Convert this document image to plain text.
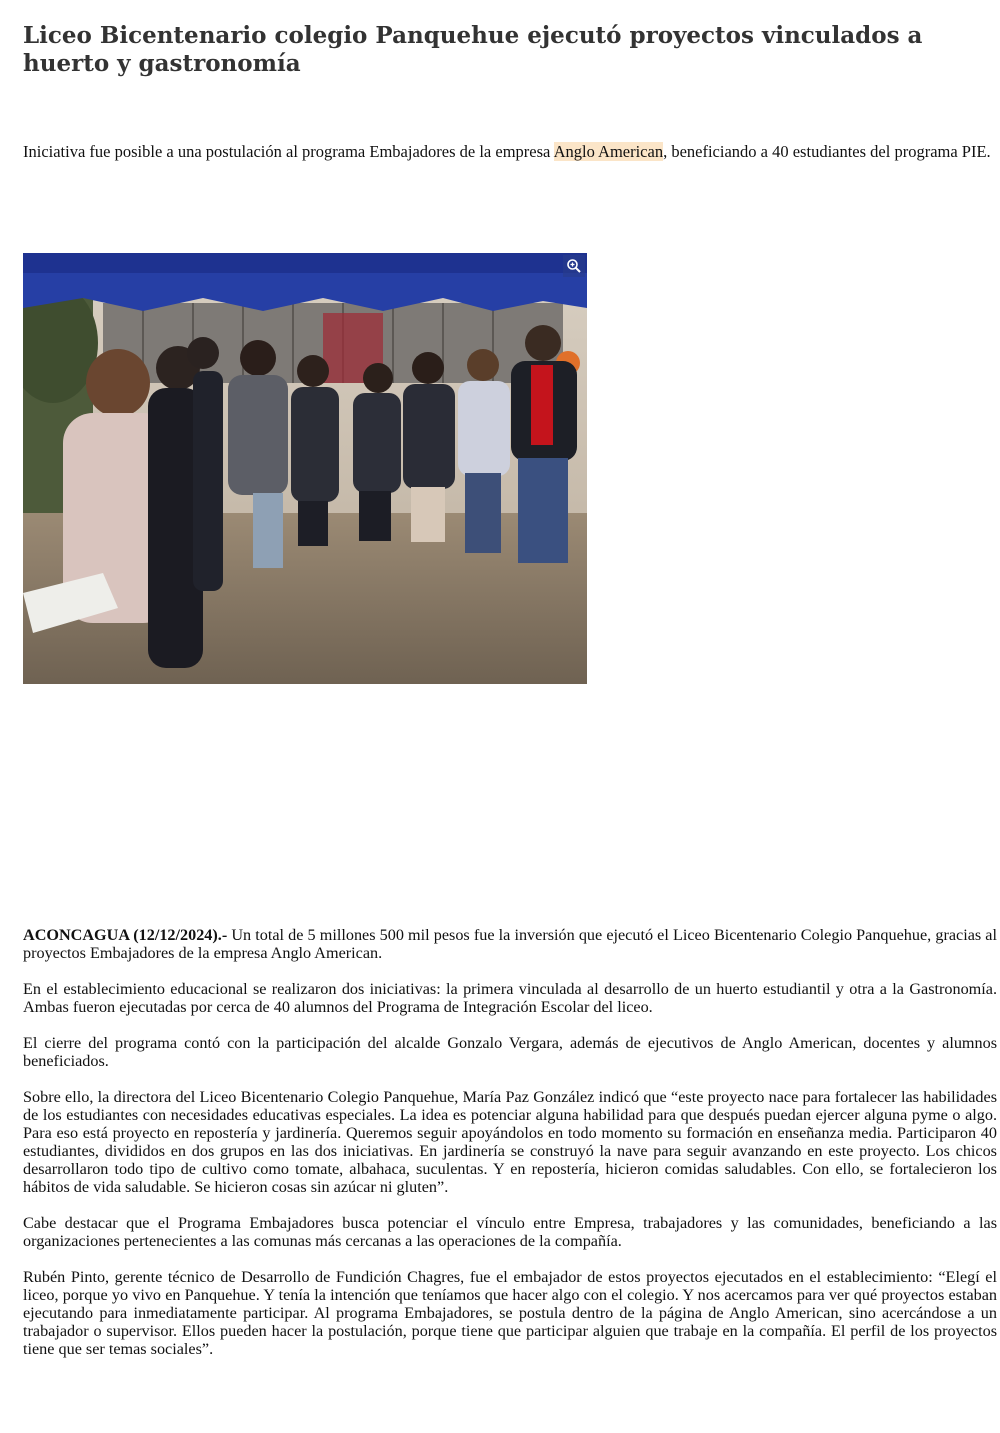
Liceo Bicentenario colegio Panquehue ejecutó proyectos vinculados a huerto y gastronomía

Iniciativa fue posible a una postulación al programa Embajadores de la empresa Anglo American, beneficiando a 40 estudiantes del programa PIE.

ACONCAGUA (12/12/2024).- Un total de 5 millones 500 mil pesos fue la inversión que ejecutó el Liceo Bicentenario Colegio Panquehue, gracias al proyectos Embajadores de la empresa Anglo American.

En el establecimiento educacional se realizaron dos iniciativas: la primera vinculada al desarrollo de un huerto estudiantil y otra a la Gastronomía. Ambas fueron ejecutadas por cerca de 40 alumnos del Programa de Integración Escolar del liceo.

El cierre del programa contó con la participación del alcalde Gonzalo Vergara, además de ejecutivos de Anglo American, docentes y alumnos beneficiados.

Sobre ello, la directora del Liceo Bicentenario Colegio Panquehue, María Paz González indicó que “este proyecto nace para fortalecer las habilidades de los estudiantes con necesidades educativas especiales. La idea es potenciar alguna habilidad para que después puedan ejercer alguna pyme o algo. Para eso está proyecto en repostería y jardinería. Queremos seguir apoyándolos en todo momento su formación en enseñanza media. Participaron 40 estudiantes, divididos en dos grupos en las dos iniciativas. En jardinería se construyó la nave para seguir avanzando en este proyecto. Los chicos desarrollaron todo tipo de cultivo como tomate, albahaca, suculentas. Y en repostería, hicieron comidas saludables. Con ello, se fortalecieron los hábitos de vida saludable. Se hicieron cosas sin azúcar ni gluten”.

Cabe destacar que el Programa Embajadores busca potenciar el vínculo entre Empresa, trabajadores y las comunidades, beneficiando a las organizaciones pertenecientes a las comunas más cercanas a las operaciones de la compañía.

Rubén Pinto, gerente técnico de Desarrollo de Fundición Chagres, fue el embajador de estos proyectos ejecutados en el establecimiento: “Elegí el liceo, porque yo vivo en Panquehue. Y tenía la intención que teníamos que hacer algo con el colegio. Y nos acercamos para ver qué proyectos estaban ejecutando para inmediatamente participar. Al programa Embajadores, se postula dentro de la página de Anglo American, sino acercándose a un trabajador o supervisor. Ellos pueden hacer la postulación, porque tiene que participar alguien que trabaje en la compañía. El perfil de los proyectos tiene que ser temas sociales”.
